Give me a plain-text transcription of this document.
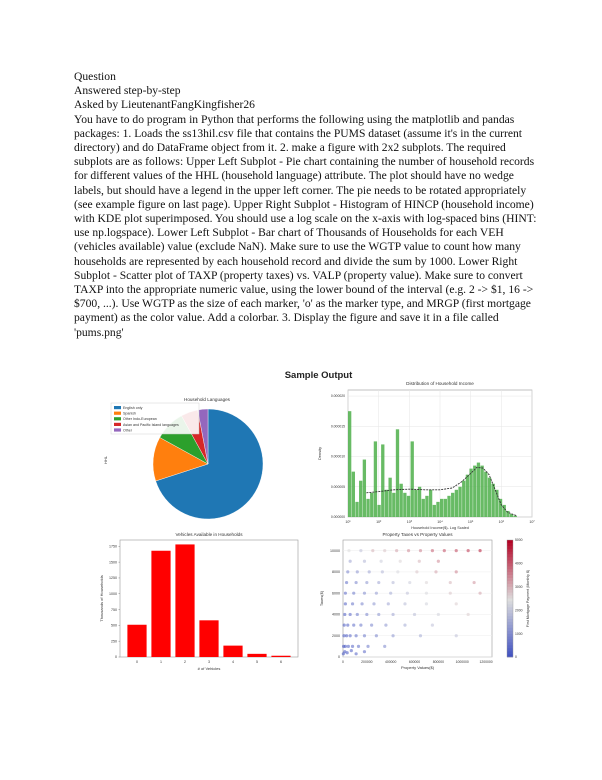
Question
Answered step-by-step
Asked by LieutenantFangKingfisher26
You have to do program in Python that performs the following using the matplotlib and pandas packages: 1. Loads the ss13hil.csv file that contains the PUMS dataset (assume it's in the current directory) and do DataFrame object from it. 2. make a figure with 2x2 subplots. The required subplots are as follows: Upper Left Subplot - Pie chart containing the number of household records for different values of the HHL (household language) attribute. The plot should have no wedge labels, but should have a legend in the upper left corner. The pie needs to be rotated appropriately (see example figure on last page). Upper Right Subplot - Histogram of HINCP (household income) with KDE plot superimposed. You should use a log scale on the x-axis with log-spaced bins (HINT: use np.logspace). Lower Left Subplot - Bar chart of Thousands of Households for each VEH (vehicles available) value (exclude NaN). Make sure to use the WGTP value to count how many households are represented by each household record and divide the sum by 1000. Lower Right Subplot - Scatter plot of TAXP (property taxes) vs. VALP (property value). Make sure to convert TAXP into the appropriate numeric value, using the lower bound of the interval (e.g. 2 -> $1, 16 -> $700, ...). Use WGTP as the size of each marker, 'o' as the marker type, and MRGP (first mortgage payment) as the color value. Add a colorbar. 3. Display the figure and save it in a file called 'pums.png'
Sample Output
Household Languages
HHL
English only
Spanish
Other Indo-European
Asian and Pacific Island languages
Other
Distribution of Household Income
0.000000
0.000005
0.000010
0.000015
0.000020
10¹	10²	10³	10⁴	10⁵	10⁶	10⁷
Household Income($)- Log Scaled
Density
Vehicles Available in Households
0
250
500
750
1000
1250
1500
1750
0	1	2	3	4	5	6
# of Vehicles
Thousands of Households
Property Taxes vs Property Values
0
2000
4000
6000
8000
10000
0	200000	400000	600000	800000	1000000	1200000
Property Values($)
Taxes($)
0
1000
2000
3000
4000
5000
First Mortgage Payment (Monthly $)
